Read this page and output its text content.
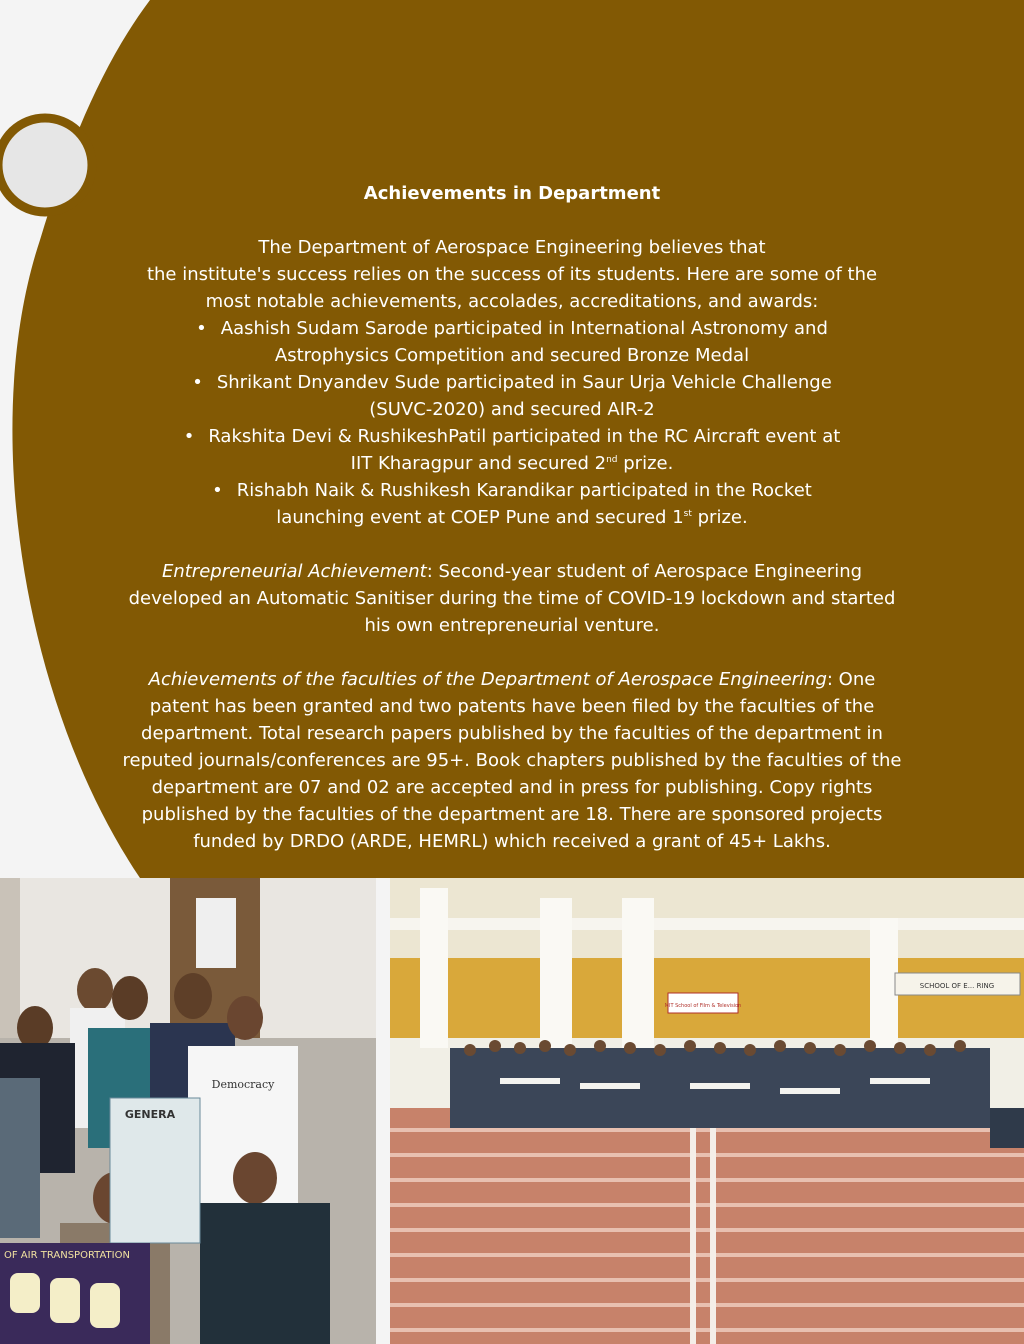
Achievements in Department

The Department of Aerospace Engineering believes that
the institute's success relies on the success of its students. Here are some of the
most notable achievements, accolades, accreditations, and awards:

• Aashish Sudam Sarode participated in International Astronomy and
Astrophysics Competition and secured Bronze Medal
• Shrikant Dnyandev Sude participated in Saur Urja Vehicle Challenge
(SUVC-2020) and secured AIR-2
• Rakshita Devi & RushikeshPatil participated in the RC Aircraft event at
IIT Kharagpur and secured 2nd prize.
• Rishabh Naik & Rushikesh Karandikar participated in the Rocket
launching event at COEP Pune and secured 1st prize.

Entrepreneurial Achievement: Second-year student of Aerospace Engineering
developed an Automatic Sanitiser during the time of COVID-19 lockdown and started
his own entrepreneurial venture.

Achievements of the faculties of the Department of Aerospace Engineering: One
patent has been granted and two patents have been filed by the faculties of the
department. Total research papers published by the faculties of the department in
reputed journals/conferences are 95+. Book chapters published by the faculties of the
department are 07 and 02 are accepted and in press for publishing. Copy rights
published by the faculties of the department are 18. There are sponsored projects
funded by DRDO (ARDE, HEMRL) which received a grant of 45+ Lakhs.

Democracy
GENERA
OF AIR TRANSPORTATION
MIT School of Film & Television
SCHOOL OF E... RING
